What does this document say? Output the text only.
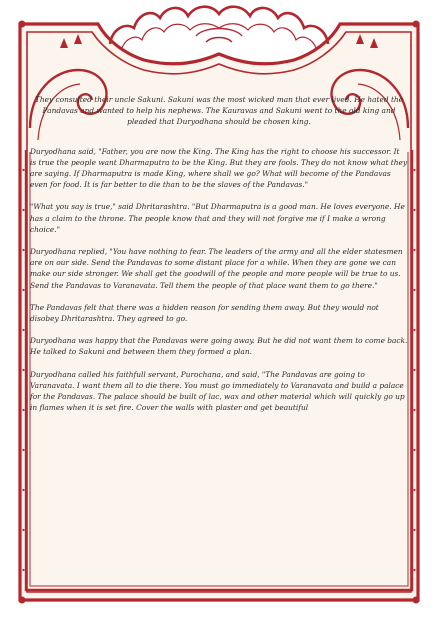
They consulted their uncle Sakuni. Sakuni was the most wicked man that ever lived. He hated the Pandavas and wanted to help his nephews. The Kauravas and Sakuni went to the old king and pleaded that Duryodhana should be chosen king.

Duryodhana said, "Father, you are now the King. The King has the right to choose his successor. It is true the people want Dharmaputra to be the King. But they are fools. They do not know what they are saying. If Dharmaputra is made King, where shall we go? What will become of the Pandavas even for food. It is far better to die than to be the slaves of the Pandavas."

"What you say is true," said Dhritarashtra. "But Dharmaputra is a good man. He loves everyone. He has a claim to the throne. The people know that and they will not forgive me if I make a wrong choice."

Duryodhana replied, "You have nothing to fear. The leaders of the army and all the elder statesmen are on our side. Send the Pandavas to some distant place for a while. When they are gone we can make our side stronger. We shall get the goodwill of the people and more people will be true to us. Send the Pandavas to Varanavata. Tell them the people of that place want them to go there."

The Pandavas felt that there was a hidden reason for sending them away. But they would not disobey Dhritarashtra. They agreed to go.

Duryodhana was happy that the Pandavas were going away. But he did not want them to come back. He talked to Sakuni and between them they formed a plan.

Duryodhana called his faithfull servant, Purochana, and said, "The Pandavas are going to Varanavata. I want them all to die there. You must go immediately to Varanavata and build a palace for the Pandavas. The palace should be built of lac, wax and other material which will quickly go up in flames when it is set fire. Cover the walls with plaster and get beautiful
